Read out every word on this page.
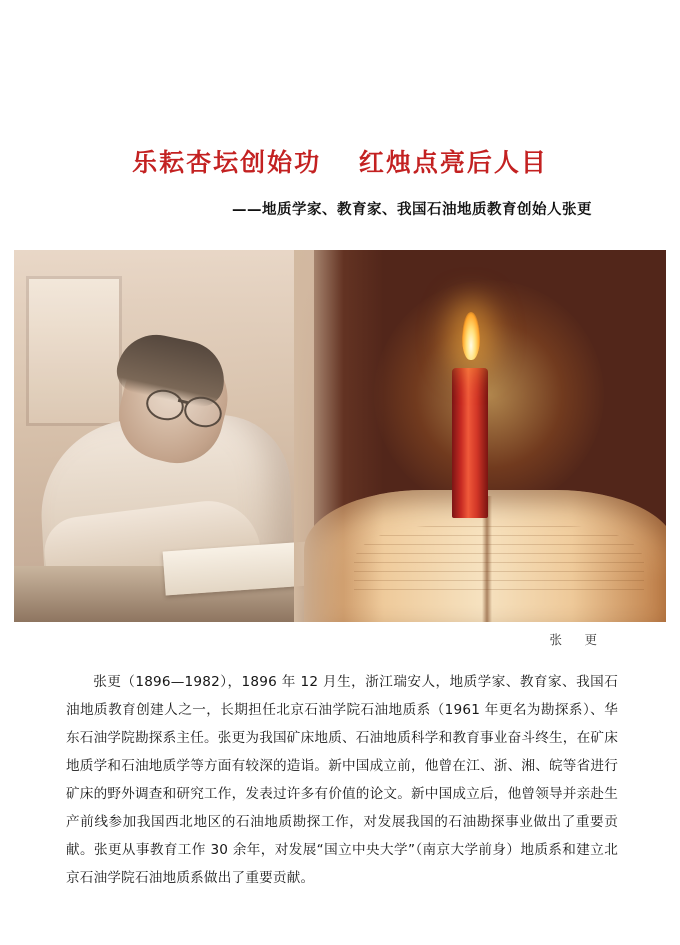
乐耘杏坛创始功　 红烛点亮后人目
——地质学家、教育家、我国石油地质教育创始人张更
张　更
张更（1896—1982），1896 年 12 月生，浙江瑞安人，地质学家、教育家、我国石油地质教育创建人之一，长期担任北京石油学院石油地质系（1961 年更名为勘探系）、华东石油学院勘探系主任。张更为我国矿床地质、石油地质科学和教育事业奋斗终生，在矿床地质学和石油地质学等方面有较深的造诣。新中国成立前，他曾在江、浙、湘、皖等省进行矿床的野外调查和研究工作，发表过许多有价值的论文。新中国成立后，他曾领导并亲赴生产前线参加我国西北地区的石油地质勘探工作，对发展我国的石油勘探事业做出了重要贡献。张更从事教育工作 30 余年，对发展“国立中央大学”（南京大学前身）地质系和建立北京石油学院石油地质系做出了重要贡献。
